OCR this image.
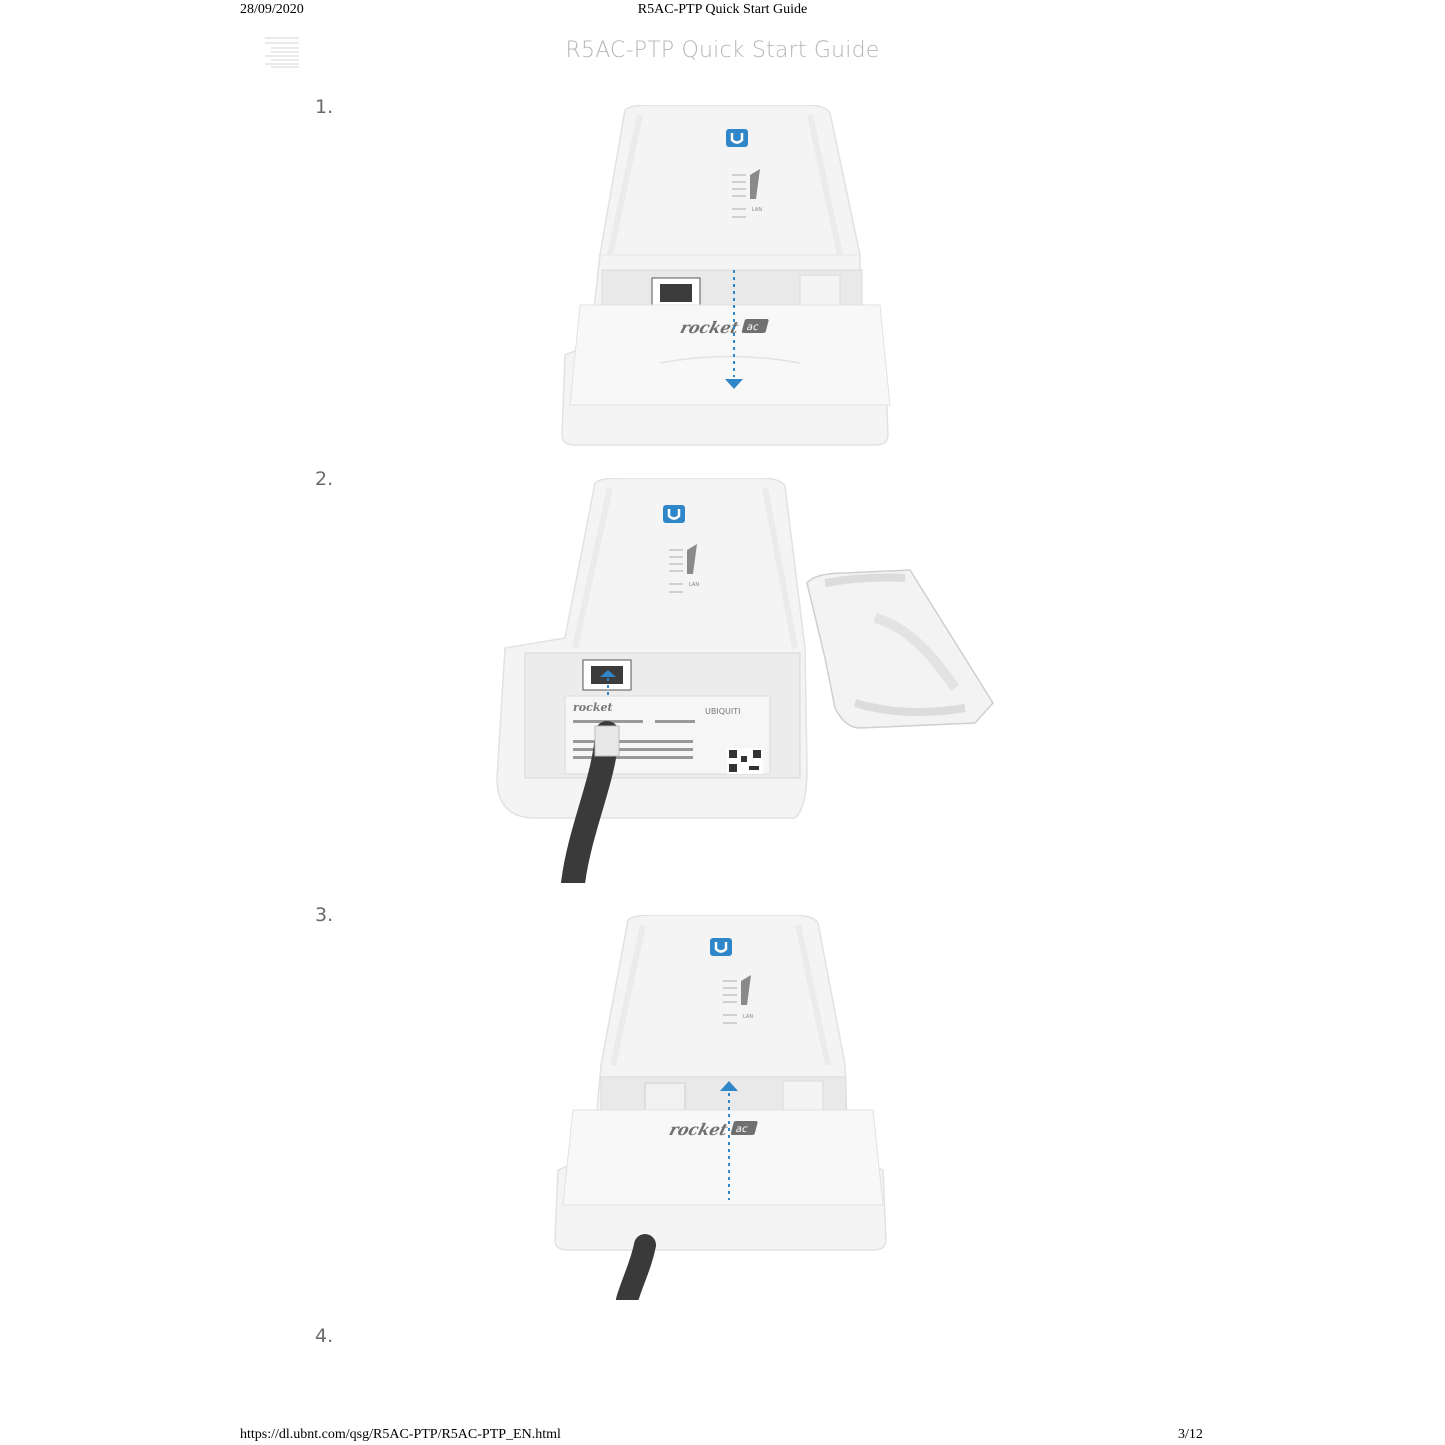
28/09/2020	R5AC-PTP Quick Start Guide
R5AC-PTP Quick Start Guide
1.
2.
3.
4.
LAN
rocket ac
LAN
rocket	UBIQUITI
LAN
rocket ac
https://dl.ubnt.com/qsg/R5AC-PTP/R5AC-PTP_EN.html	3/12
